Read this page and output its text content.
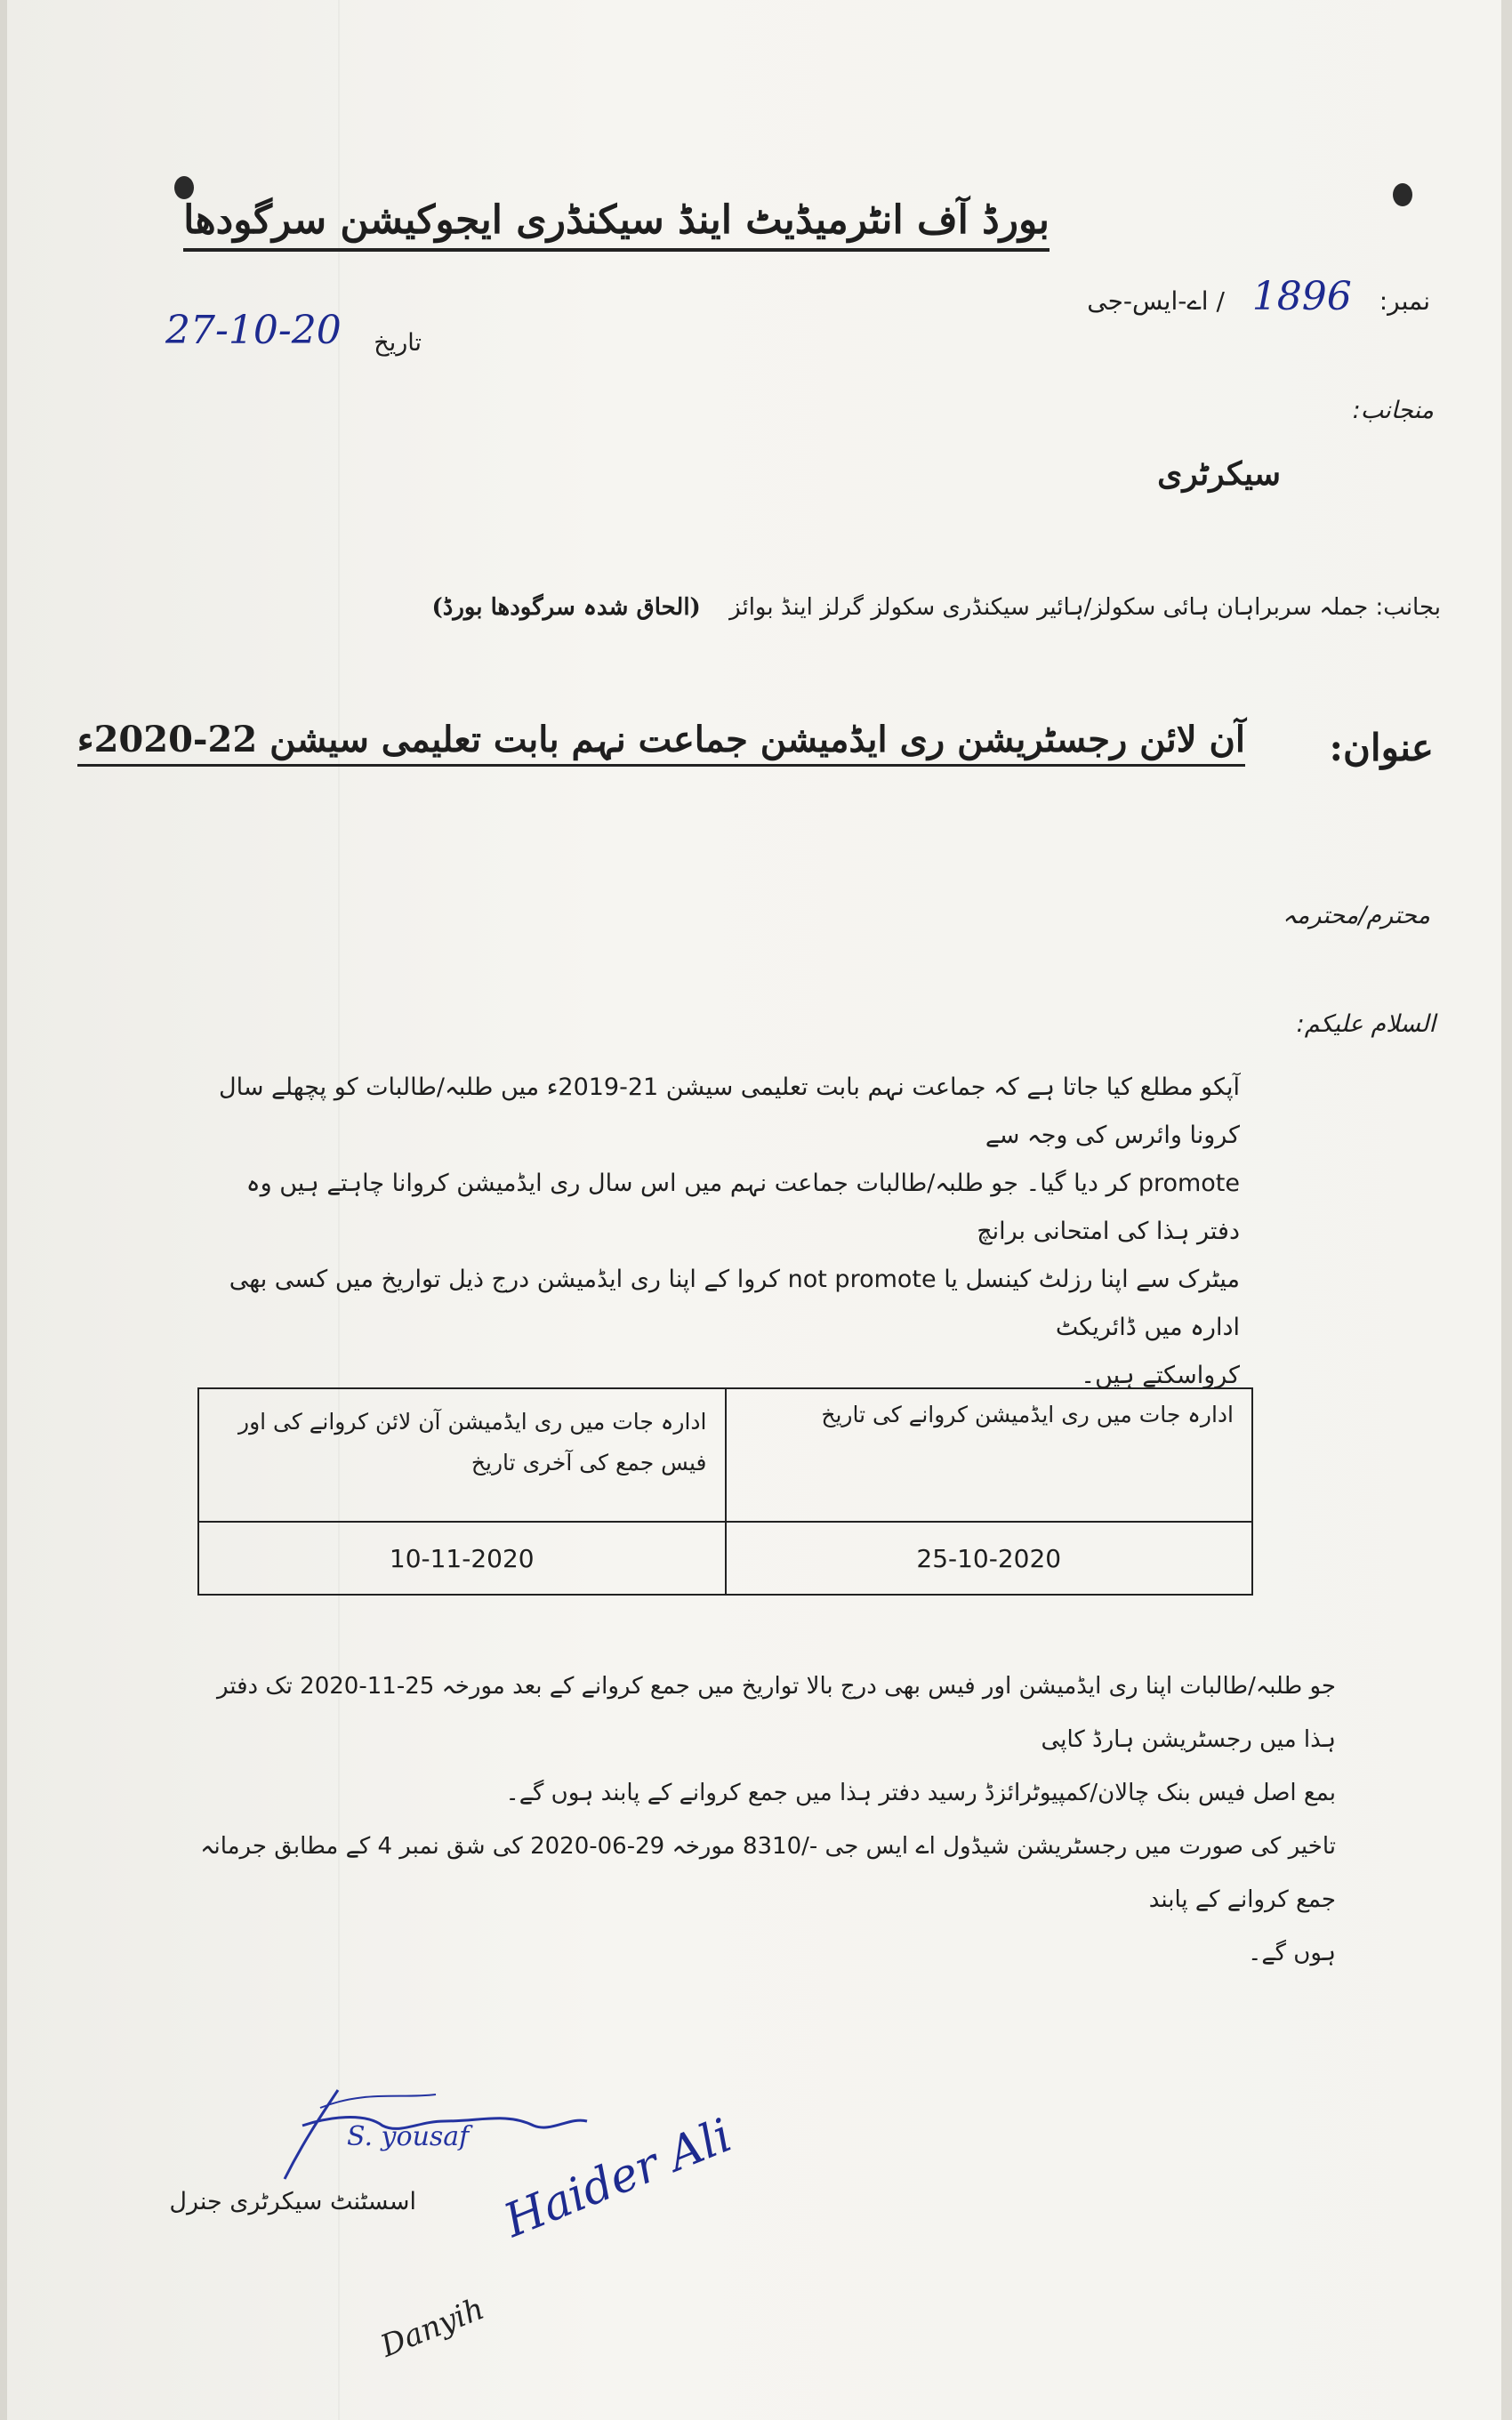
بورڈ آف انٹرمیڈیٹ اینڈ سیکنڈری ایجوکیشن سرگودھا
نمبر: 1896 / اے-ایس-جی
27-10-20 تاریخ
منجانب:
سیکرٹری
بجانب: جملہ سربراہان ہائی سکولز/ہائیر سیکنڈری سکولز گرلز اینڈ بوائز (الحاق شدہ سرگودھا بورڈ)
عنوان:
آن لائن رجسٹریشن ری ایڈمیشن جماعت نہم بابت تعلیمی سیشن 22-2020ء
محترم/محترمہ
السلام علیکم:
آپکو مطلع کیا جاتا ہے کہ جماعت نہم بابت تعلیمی سیشن 21-2019ء میں طلبہ/طالبات کو پچھلے سال کرونا وائرس کی وجہ سے
promote کر دیا گیا۔ جو طلبہ/طالبات جماعت نہم میں اس سال ری ایڈمیشن کروانا چاہتے ہیں وہ دفتر ہذا کی امتحانی برانچ
میٹرک سے اپنا رزلٹ کینسل یا not promote کروا کے اپنا ری ایڈمیشن درج ذیل تواریخ میں کسی بھی ادارہ میں ڈائریکٹ
کرواسکتے ہیں۔
ادارہ جات میں ری ایڈمیشن کروانے کی تاریخ	ادارہ جات میں ری ایڈمیشن آن لائن کروانے کی اور فیس جمع کی آخری تاریخ
25-10-2020	10-11-2020
جو طلبہ/طالبات اپنا ری ایڈمیشن اور فیس بھی درج بالا تواریخ میں جمع کروانے کے بعد مورخہ 25-11-2020 تک دفتر ہذا میں رجسٹریشن ہارڈ کاپی
بمع اصل فیس بنک چالان/کمپیوٹرائزڈ رسید دفتر ہذا میں جمع کروانے کے پابند ہوں گے۔
تاخیر کی صورت میں رجسٹریشن شیڈول اے ایس جی -/8310 مورخہ 29-06-2020 کی شق نمبر 4 کے مطابق جرمانہ جمع کروانے کے پابند
ہوں گے۔
S. yousaf
اسسٹنٹ سیکرٹری جنرل Haider Ali
Danyih
